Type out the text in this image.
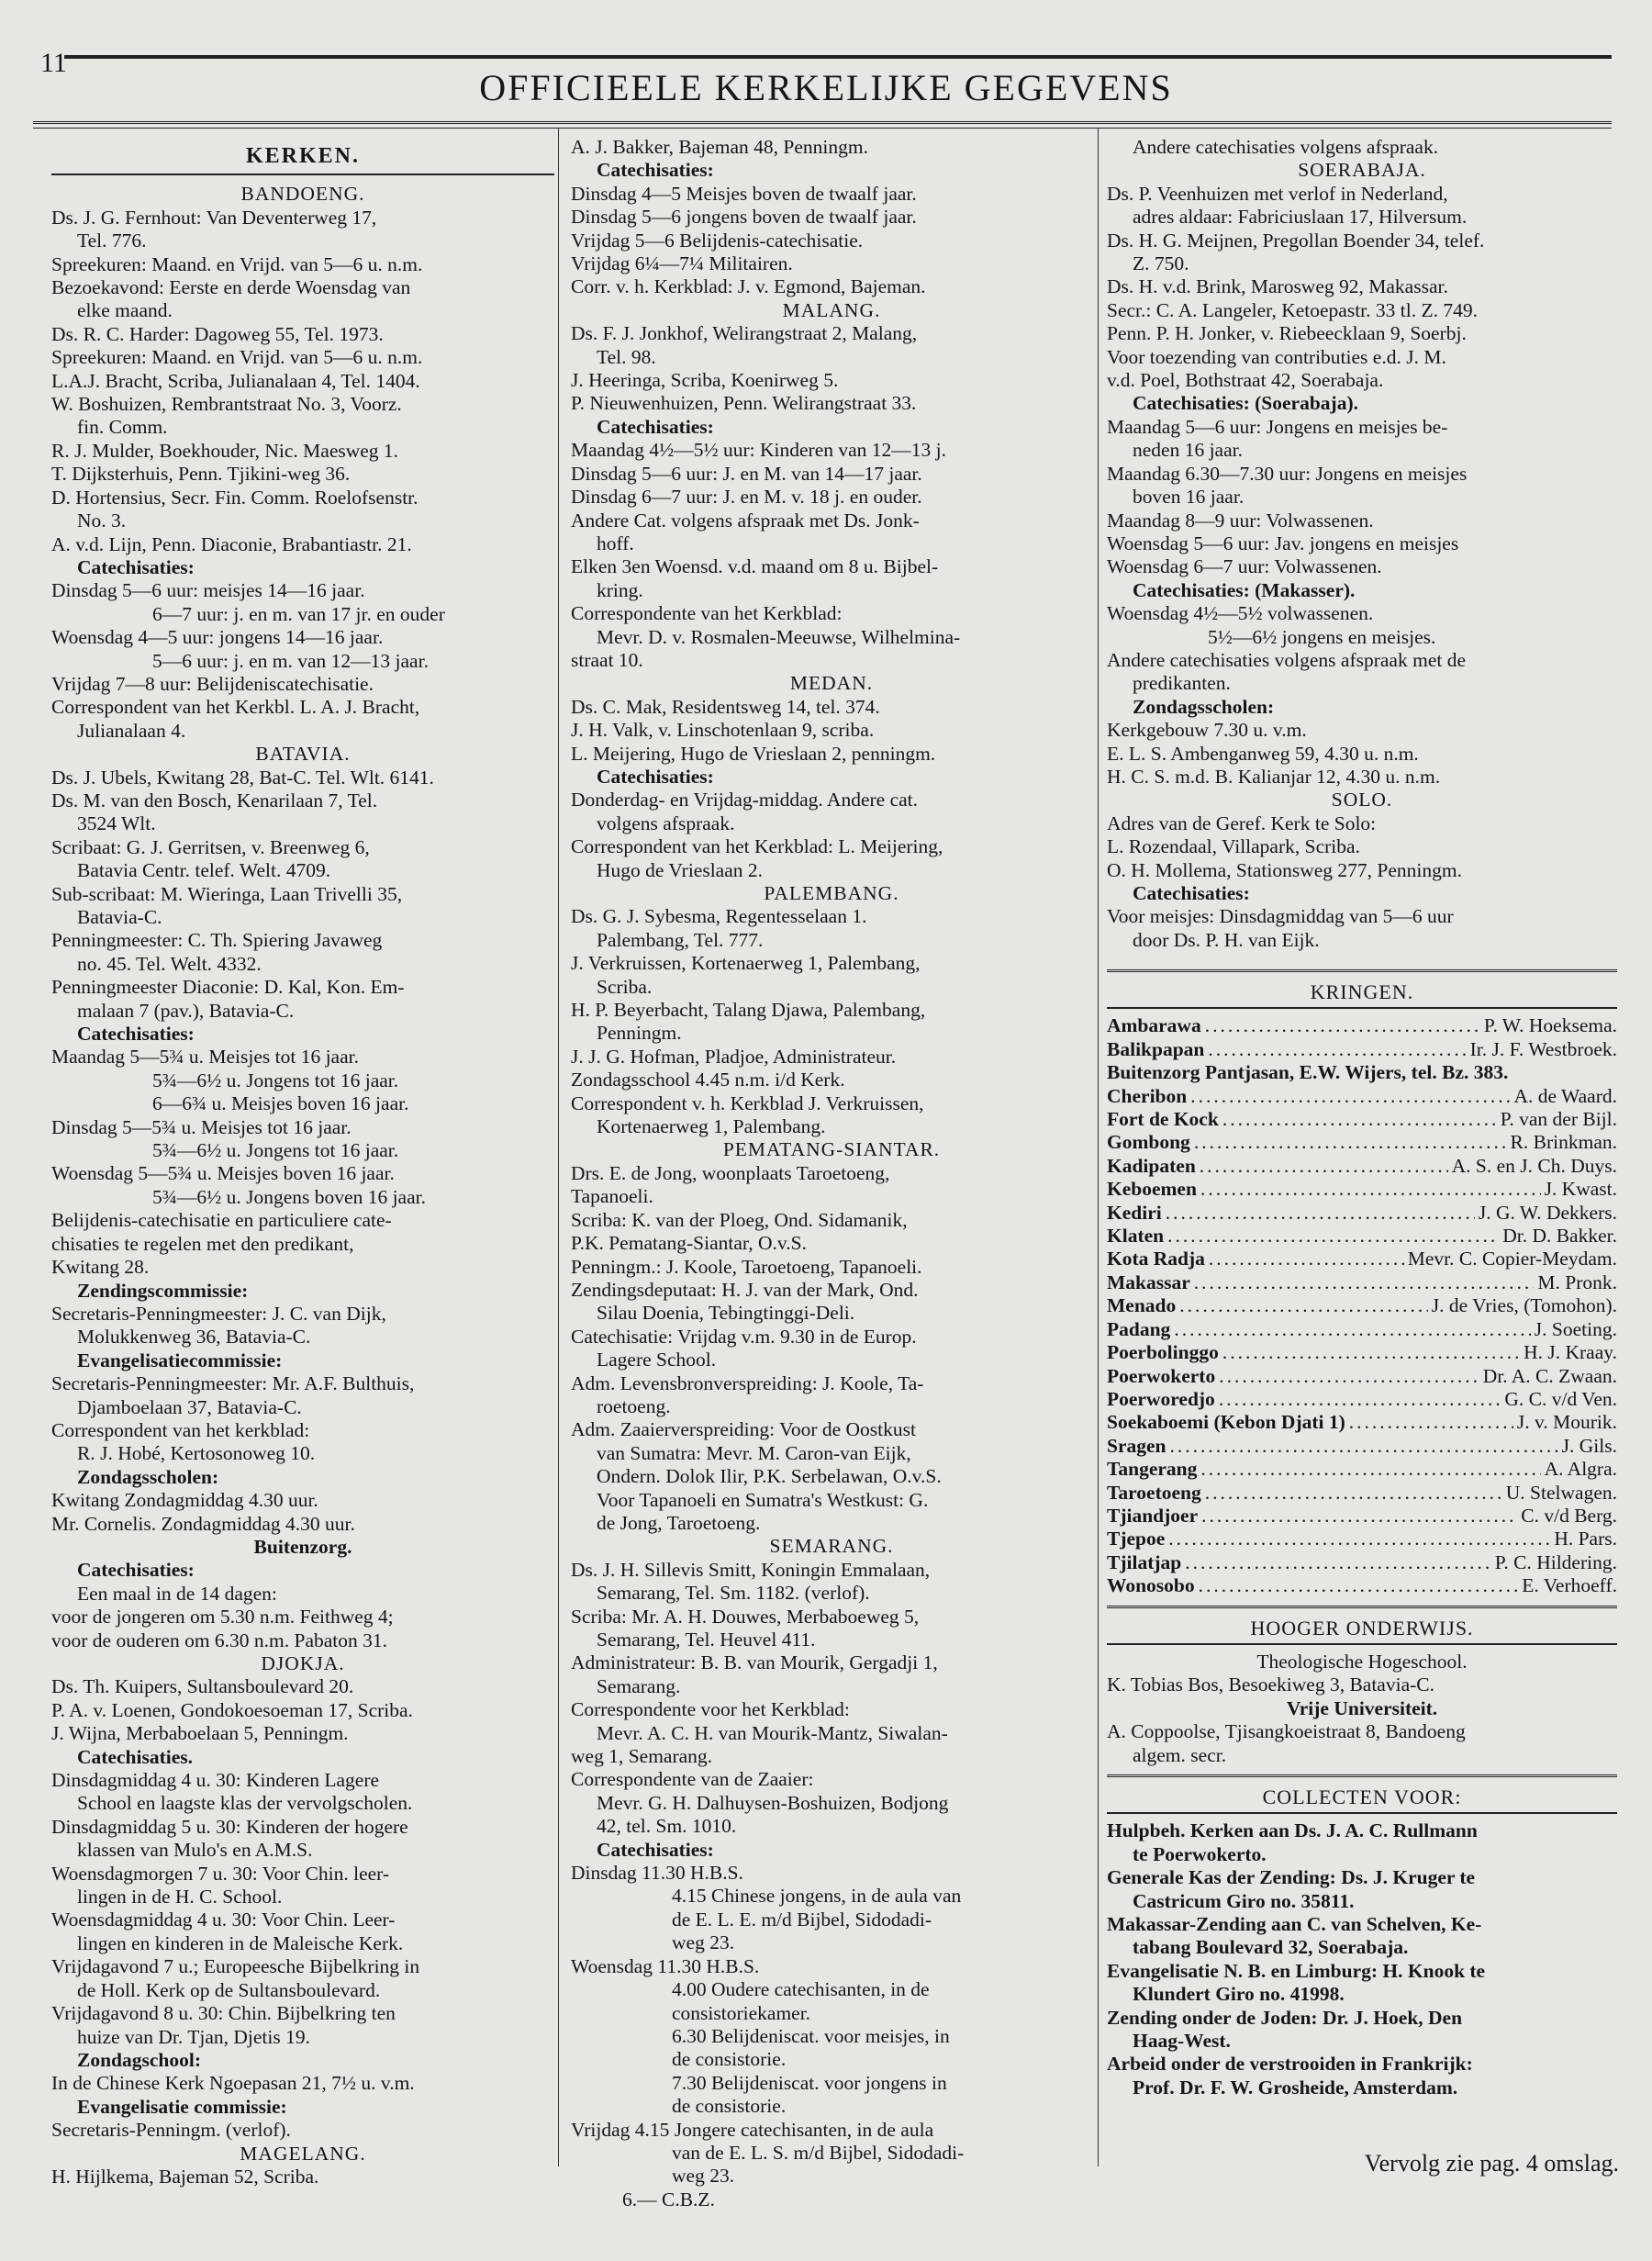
11
OFFICIEELE KERKELIJKE GEGEVENS
KERKEN.
BANDOENG.
Ds. J. G. Fernhout: Van Deventerweg 17,
Tel. 776.
Spreekuren: Maand. en Vrijd. van 5—6 u. n.m.
Bezoekavond: Eerste en derde Woensdag van
elke maand.
Ds. R. C. Harder: Dagoweg 55, Tel. 1973.
Spreekuren: Maand. en Vrijd. van 5—6 u. n.m.
L.A.J. Bracht, Scriba, Julianalaan 4, Tel. 1404.
W. Boshuizen, Rembrantstraat No. 3, Voorz.
fin. Comm.
R. J. Mulder, Boekhouder, Nic. Maesweg 1.
T. Dijksterhuis, Penn. Tjikini-weg 36.
D. Hortensius, Secr. Fin. Comm. Roelofsenstr.
No. 3.
A. v.d. Lijn, Penn. Diaconie, Brabantiastr. 21.
Catechisaties:
Dinsdag 5—6 uur: meisjes 14—16 jaar.
6—7 uur: j. en m. van 17 jr. en ouder
Woensdag 4—5 uur: jongens 14—16 jaar.
5—6 uur: j. en m. van 12—13 jaar.
Vrijdag 7—8 uur: Belijdeniscatechisatie.
Correspondent van het Kerkbl. L. A. J. Bracht,
Julianalaan 4.
BATAVIA.
Ds. J. Ubels, Kwitang 28, Bat-C. Tel. Wlt. 6141.
Ds. M. van den Bosch, Kenarilaan 7, Tel.
3524 Wlt.
Scribaat: G. J. Gerritsen, v. Breenweg 6,
Batavia Centr. telef. Welt. 4709.
Sub-scribaat: M. Wieringa, Laan Trivelli 35,
Batavia-C.
Penningmeester: C. Th. Spiering Javaweg
no. 45. Tel. Welt. 4332.
Penningmeester Diaconie: D. Kal, Kon. Em-
malaan 7 (pav.), Batavia-C.
Catechisaties:
Maandag 5—5¾ u. Meisjes tot 16 jaar.
5¾—6½ u. Jongens tot 16 jaar.
6—6¾ u. Meisjes boven 16 jaar.
Dinsdag 5—5¾ u. Meisjes tot 16 jaar.
5¾—6½ u. Jongens tot 16 jaar.
Woensdag 5—5¾ u. Meisjes boven 16 jaar.
5¾—6½ u. Jongens boven 16 jaar.
Belijdenis-catechisatie en particuliere cate-
chisaties te regelen met den predikant,
Kwitang 28.
Zendingscommissie:
Secretaris-Penningmeester: J. C. van Dijk,
Molukkenweg 36, Batavia-C.
Evangelisatiecommissie:
Secretaris-Penningmeester: Mr. A.F. Bulthuis,
Djamboelaan 37, Batavia-C.
Correspondent van het kerkblad:
R. J. Hobé, Kertosonoweg 10.
Zondagsscholen:
Kwitang Zondagmiddag 4.30 uur.
Mr. Cornelis. Zondagmiddag 4.30 uur.
Buitenzorg.
Catechisaties:
Een maal in de 14 dagen:
voor de jongeren om 5.30 n.m. Feithweg 4;
voor de ouderen om 6.30 n.m. Pabaton 31.
DJOKJA.
Ds. Th. Kuipers, Sultansboulevard 20.
P. A. v. Loenen, Gondokoesoeman 17, Scriba.
J. Wijna, Merbaboelaan 5, Penningm.
Catechisaties.
Dinsdagmiddag 4 u. 30: Kinderen Lagere
School en laagste klas der vervolgscholen.
Dinsdagmiddag 5 u. 30: Kinderen der hogere
klassen van Mulo's en A.M.S.
Woensdagmorgen 7 u. 30: Voor Chin. leer-
lingen in de H. C. School.
Woensdagmiddag 4 u. 30: Voor Chin. Leer-
lingen en kinderen in de Maleische Kerk.
Vrijdagavond 7 u.; Europeesche Bijbelkring in
de Holl. Kerk op de Sultansboulevard.
Vrijdagavond 8 u. 30: Chin. Bijbelkring ten
huize van Dr. Tjan, Djetis 19.
Zondagschool:
In de Chinese Kerk Ngoepasan 21, 7½ u. v.m.
Evangelisatie commissie:
Secretaris-Penningm. (verlof).
MAGELANG.
H. Hijlkema, Bajeman 52, Scriba.
A. J. Bakker, Bajeman 48, Penningm.
Catechisaties:
Dinsdag 4—5 Meisjes boven de twaalf jaar.
Dinsdag 5—6 jongens boven de twaalf jaar.
Vrijdag 5—6 Belijdenis-catechisatie.
Vrijdag 6¼—7¼ Militairen.
Corr. v. h. Kerkblad: J. v. Egmond, Bajeman.
MALANG.
Ds. F. J. Jonkhof, Welirangstraat 2, Malang,
Tel. 98.
J. Heeringa, Scriba, Koenirweg 5.
P. Nieuwenhuizen, Penn. Welirangstraat 33.
Catechisaties:
Maandag 4½—5½ uur: Kinderen van 12—13 j.
Dinsdag 5—6 uur: J. en M. van 14—17 jaar.
Dinsdag 6—7 uur: J. en M. v. 18 j. en ouder.
Andere Cat. volgens afspraak met Ds. Jonk-
hoff.
Elken 3en Woensd. v.d. maand om 8 u. Bijbel-
kring.
Correspondente van het Kerkblad:
Mevr. D. v. Rosmalen-Meeuwse, Wilhelmina-
straat 10.
MEDAN.
Ds. C. Mak, Residentsweg 14, tel. 374.
J. H. Valk, v. Linschotenlaan 9, scriba.
L. Meijering, Hugo de Vrieslaan 2, penningm.
Catechisaties:
Donderdag- en Vrijdag-middag. Andere cat.
volgens afspraak.
Correspondent van het Kerkblad: L. Meijering,
Hugo de Vrieslaan 2.
PALEMBANG.
Ds. G. J. Sybesma, Regentesselaan 1.
Palembang, Tel. 777.
J. Verkruissen, Kortenaerweg 1, Palembang,
Scriba.
H. P. Beyerbacht, Talang Djawa, Palembang,
Penningm.
J. J. G. Hofman, Pladjoe, Administrateur.
Zondagsschool 4.45 n.m. i/d Kerk.
Correspondent v. h. Kerkblad J. Verkruissen,
Kortenaerweg 1, Palembang.
PEMATANG-SIANTAR.
Drs. E. de Jong, woonplaats Taroetoeng,
Tapanoeli.
Scriba: K. van der Ploeg, Ond. Sidamanik,
P.K. Pematang-Siantar, O.v.S.
Penningm.: J. Koole, Taroetoeng, Tapanoeli.
Zendingsdeputaat: H. J. van der Mark, Ond.
Silau Doenia, Tebingtinggi-Deli.
Catechisatie: Vrijdag v.m. 9.30 in de Europ.
Lagere School.
Adm. Levensbronverspreiding: J. Koole, Ta-
roetoeng.
Adm. Zaaierverspreiding: Voor de Oostkust
van Sumatra: Mevr. M. Caron-van Eijk,
Ondern. Dolok Ilir, P.K. Serbelawan, O.v.S.
Voor Tapanoeli en Sumatra's Westkust: G.
de Jong, Taroetoeng.
SEMARANG.
Ds. J. H. Sillevis Smitt, Koningin Emmalaan,
Semarang, Tel. Sm. 1182. (verlof).
Scriba: Mr. A. H. Douwes, Merbaboeweg 5,
Semarang, Tel. Heuvel 411.
Administrateur: B. B. van Mourik, Gergadji 1,
Semarang.
Correspondente voor het Kerkblad:
Mevr. A. C. H. van Mourik-Mantz, Siwalan-
weg 1, Semarang.
Correspondente van de Zaaier:
Mevr. G. H. Dalhuysen-Boshuizen, Bodjong
42, tel. Sm. 1010.
Catechisaties:
Dinsdag 11.30 H.B.S.
4.15 Chinese jongens, in de aula van
de E. L. E. m/d Bijbel, Sidodadi-
weg 23.
Woensdag 11.30 H.B.S.
4.00 Oudere catechisanten, in de
consistoriekamer.
6.30 Belijdeniscat. voor meisjes, in
de consistorie.
7.30 Belijdeniscat. voor jongens in
de consistorie.
Vrijdag 4.15 Jongere catechisanten, in de aula
van de E. L. S. m/d Bijbel, Sidodadi-
weg 23.
6.— C.B.Z.
Andere catechisaties volgens afspraak.
SOERABAJA.
Ds. P. Veenhuizen met verlof in Nederland,
adres aldaar: Fabriciuslaan 17, Hilversum.
Ds. H. G. Meijnen, Pregollan Boender 34, telef.
Z. 750.
Ds. H. v.d. Brink, Marosweg 92, Makassar.
Secr.: C. A. Langeler, Ketoepastr. 33 tl. Z. 749.
Penn. P. H. Jonker, v. Riebeecklaan 9, Soerbj.
Voor toezending van contributies e.d. J. M.
v.d. Poel, Bothstraat 42, Soerabaja.
Catechisaties: (Soerabaja).
Maandag 5—6 uur: Jongens en meisjes be-
neden 16 jaar.
Maandag 6.30—7.30 uur: Jongens en meisjes
boven 16 jaar.
Maandag 8—9 uur: Volwassenen.
Woensdag 5—6 uur: Jav. jongens en meisjes
Woensdag 6—7 uur: Volwassenen.
Catechisaties: (Makasser).
Woensdag 4½—5½ volwassenen.
5½—6½ jongens en meisjes.
Andere catechisaties volgens afspraak met de
predikanten.
Zondagsscholen:
Kerkgebouw 7.30 u. v.m.
E. L. S. Ambenganweg 59, 4.30 u. n.m.
H. C. S. m.d. B. Kalianjar 12, 4.30 u. n.m.
SOLO.
Adres van de Geref. Kerk te Solo:
L. Rozendaal, Villapark, Scriba.
O. H. Mollema, Stationsweg 277, Penningm.
Catechisaties:
Voor meisjes: Dinsdagmiddag van 5—6 uur
door Ds. P. H. van Eijk.
KRINGEN.
Ambarawa .....	P. W. Hoeksema.
Balikpapan .....	Ir. J. F. Westbroek.
Buitenzorg Pantjasan, E.W. Wijers, tel. Bz. 383.
Cheribon .....	A. de Waard.
Fort de Kock .....	P. van der Bijl.
Gombong .....	R. Brinkman.
Kadipaten .....	A. S. en J. Ch. Duys.
Keboemen .....	J. Kwast.
Kediri .....	J. G. W. Dekkers.
Klaten .....	Dr. D. Bakker.
Kota Radja .....	Mevr. C. Copier-Meydam.
Makassar .....	M. Pronk.
Menado .....	J. de Vries, (Tomohon).
Padang .....	J. Soeting.
Poerbolinggo .....	H. J. Kraay.
Poerwokerto .....	Dr. A. C. Zwaan.
Poerworedjo .....	G. C. v/d Ven.
Soekaboemi (Kebon Djati 1) .....	J. v. Mourik.
Sragen .....	J. Gils.
Tangerang .....	A. Algra.
Taroetoeng .....	U. Stelwagen.
Tjiandjoer .....	C. v/d Berg.
Tjepoe .....	H. Pars.
Tjilatjap .....	P. C. Hildering.
Wonosobo .....	E. Verhoeff.
HOOGER ONDERWIJS.
Theologische Hogeschool.
K. Tobias Bos, Besoekiweg 3, Batavia-C.
Vrije Universiteit.
A. Coppoolse, Tjisangkoeistraat 8, Bandoeng
algem. secr.
COLLECTEN VOOR:
Hulpbeh. Kerken aan Ds. J. A. C. Rullmann
te Poerwokerto.
Generale Kas der Zending: Ds. J. Kruger te
Castricum Giro no. 35811.
Makassar-Zending aan C. van Schelven, Ke-
tabang Boulevard 32, Soerabaja.
Evangelisatie N. B. en Limburg: H. Knook te
Klundert Giro no. 41998.
Zending onder de Joden: Dr. J. Hoek, Den
Haag-West.
Arbeid onder de verstrooiden in Frankrijk:
Prof. Dr. F. W. Grosheide, Amsterdam.
Vervolg zie pag. 4 omslag.
